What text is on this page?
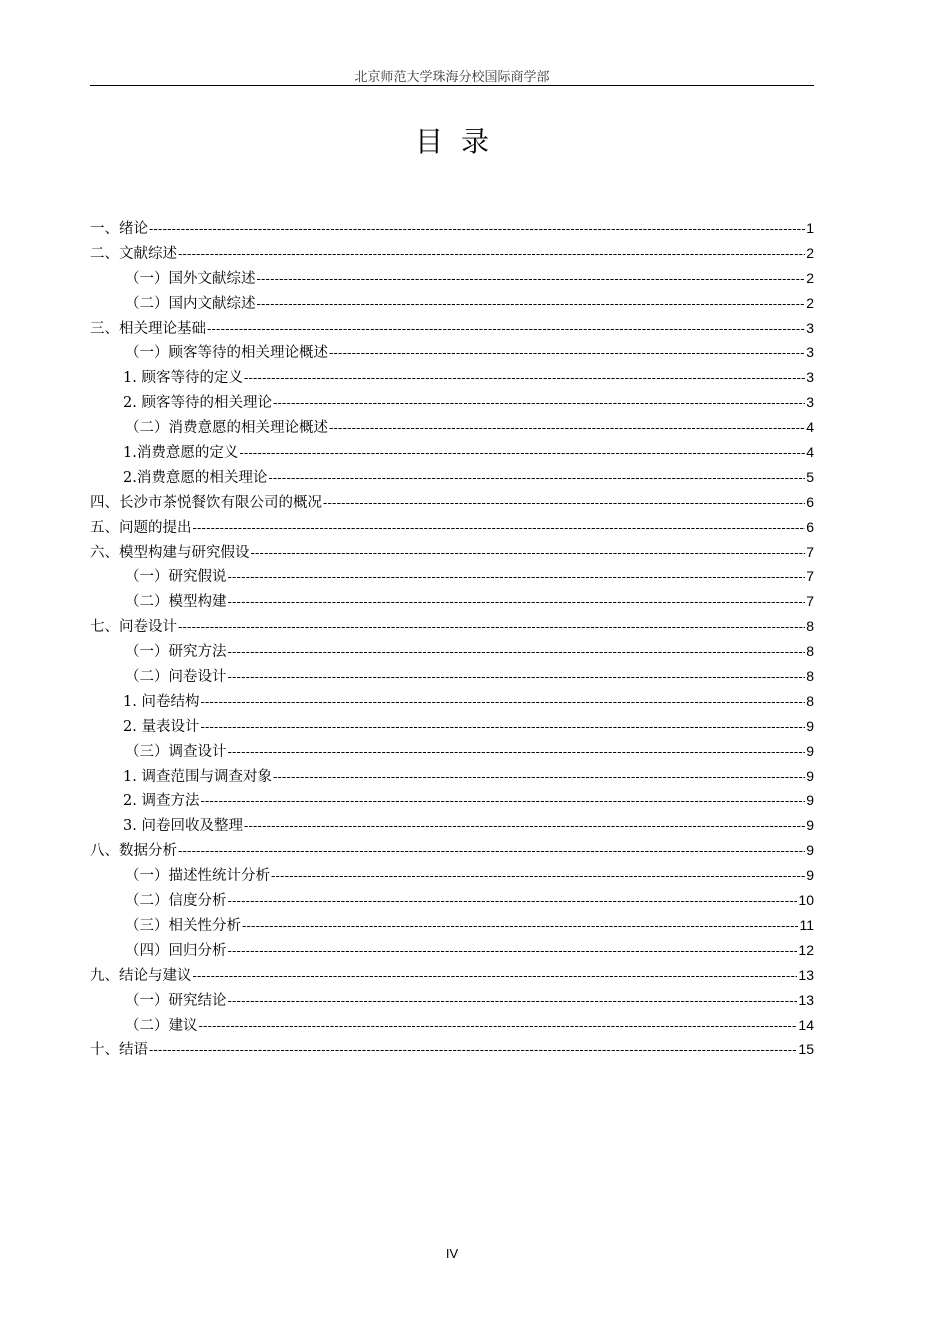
北京师范大学珠海分校国际商学部
目录
一、绪论 -----	1
二、文献综述 -----	2
（一）国外文献综述 -----	2
（二）国内文献综述 -----	2
三、相关理论基础 -----	3
（一）顾客等待的相关理论概述 -----	3
1. 顾客等待的定义 -----	3
2. 顾客等待的相关理论 -----	3
（二）消费意愿的相关理论概述 -----	4
1.消费意愿的定义 -----	4
2.消费意愿的相关理论 -----	5
四、长沙市茶悦餐饮有限公司的概况 -----	6
五、问题的提出 -----	6
六、模型构建与研究假设 -----	7
（一）研究假说 -----	7
（二）模型构建 -----	7
七、问卷设计 -----	8
（一）研究方法 -----	8
（二）问卷设计 -----	8
1. 问卷结构 -----	8
2. 量表设计 -----	9
（三）调查设计 -----	9
1. 调查范围与调查对象 -----	9
2. 调查方法 -----	9
3. 问卷回收及整理 -----	9
八、数据分析 -----	9
（一）描述性统计分析 -----	9
（二）信度分析 -----	10
（三）相关性分析 -----	11
（四）回归分析 -----	12
九、结论与建议 -----	13
（一）研究结论 -----	13
（二）建议 -----	14
十、结语 -----	15
IV
